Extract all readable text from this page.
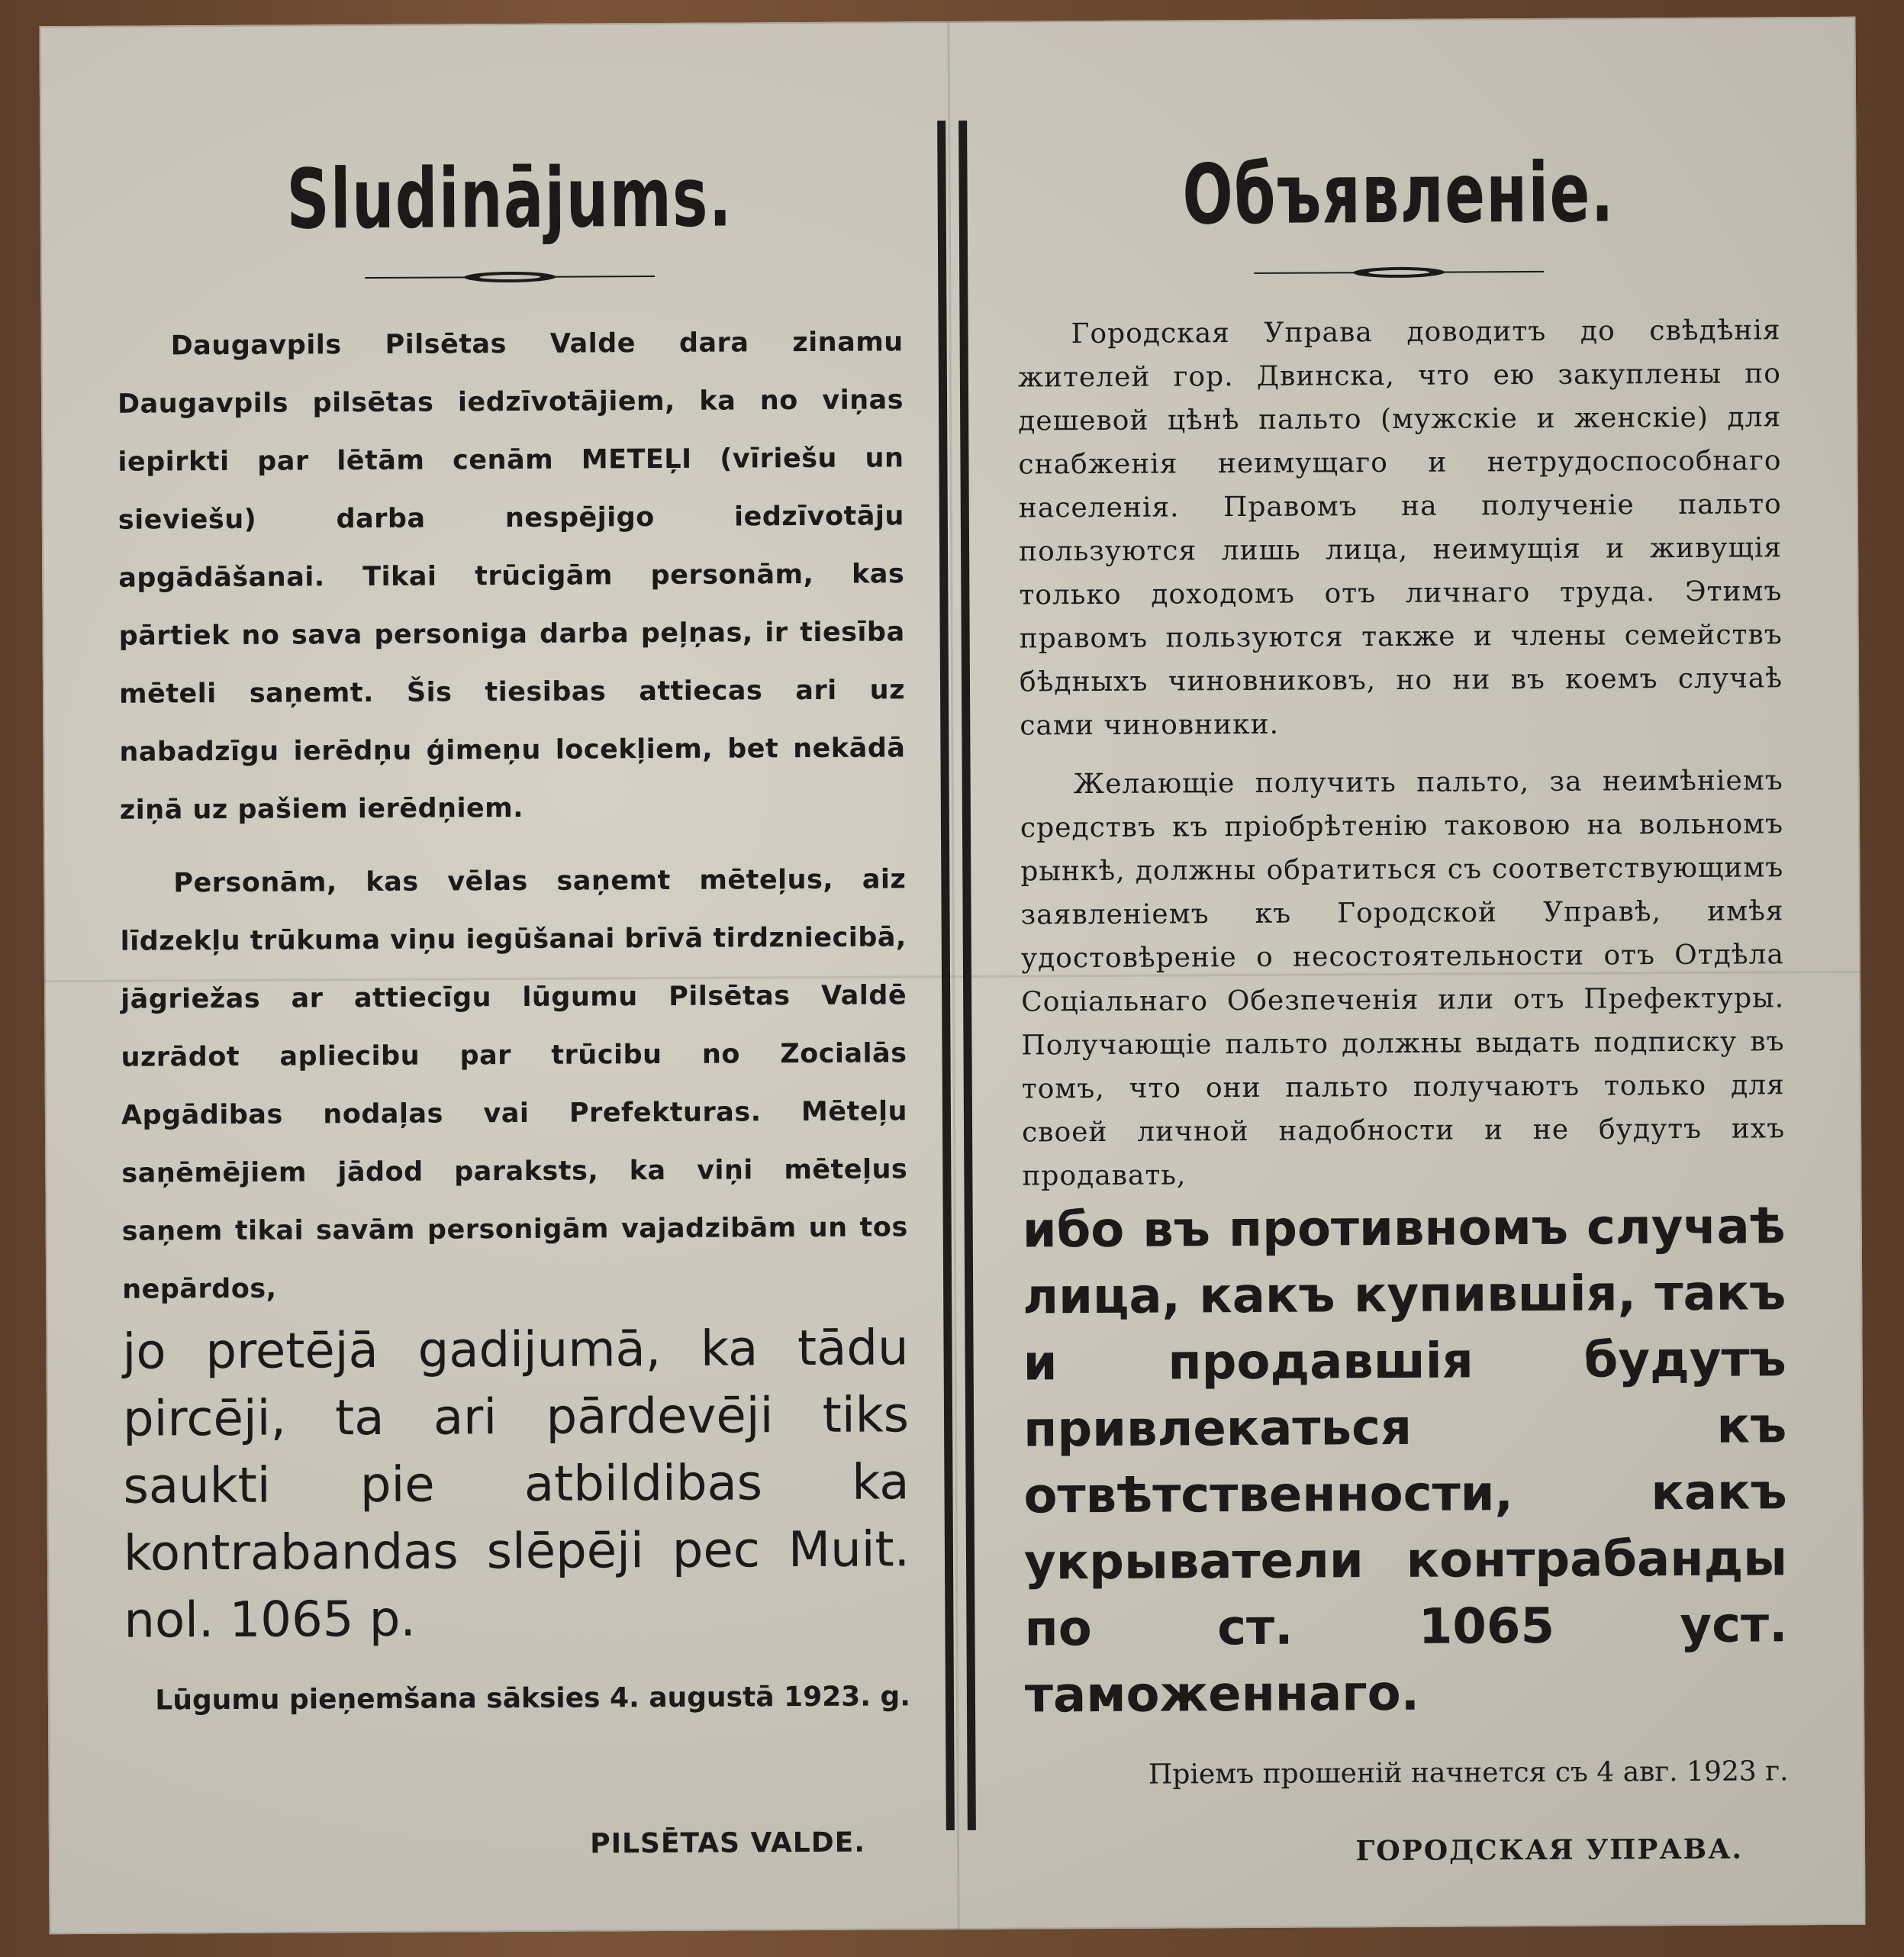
Sludinājums.

Daugavpils Pilsētas Valde dara zinamu Daugavpils pilsētas iedzīvotājiem, ka no viņas iepirkti par lētām cenām METEĻI (vīriešu un sieviešu) darba nespējigo iedzīvotāju apgādāšanai. Tikai trūcigām personām, kas pārtiek no sava personiga darba peļņas, ir tiesība mēteli saņemt. Šis tiesibas attiecas ari uz nabadzīgu ierēdņu ģimeņu locekļiem, bet nekādā ziņā uz pašiem ierēdņiem.

Personām, kas vēlas saņemt mēteļus, aiz līdzekļu trūkuma viņu iegūšanai brīvā tirdzniecibā, jāgriežas ar attiecīgu lūgumu Pilsētas Valdē uzrādot apliecibu par trūcibu no Zocialās Apgādibas nodaļas vai Prefekturas. Mēteļu saņēmējiem jādod paraksts, ka viņi mēteļus saņem tikai savām personigām vajadzibām un tos nepārdos,

jo pretējā gadijumā, ka tādu pircēji, ta ari pārdevēji tiks saukti pie atbildibas ka kontrabandas slēpēji pec Muit. nol. 1065 p.

Lūgumu pieņemšana sāksies 4. augustā 1923. g.

PILSĒTAS VALDE.
Объявленіе.

Городская Управа доводитъ до свѣдѣнія жителей гор. Двинска, что ею закуплены по дешевой цѣнѣ пальто (мужскіе и женскіе) для снабженія неимущаго и нетрудоспособнаго населенія. Правомъ на полученіе пальто пользуются лишь лица, неимущія и живущія только доходомъ отъ личнаго труда. Этимъ правомъ пользуются также и члены семействъ бѣдныхъ чиновниковъ, но ни въ коемъ случаѣ сами чиновники.

Желающіе получить пальто, за неимѣніемъ средствъ къ пріобрѣтенію таковою на вольномъ рынкѣ, должны обратиться съ соответствующимъ заявленіемъ къ Городской Управѣ, имѣя удостовѣреніе о несостоятельности отъ Отдѣла Соціальнаго Обезпеченія или отъ Префектуры. Получающіе пальто должны выдать подписку въ томъ, что они пальто получаютъ только для своей личной надобности и не будутъ ихъ продавать,

ибо въ противномъ случаѣ лица, какъ купившія, такъ и продавшія будутъ привлекаться къ отвѣтственности, какъ укрыватели контрабанды по ст. 1065 уст. таможеннаго.

Пріемъ прошеній начнется съ 4 авг. 1923 г.

ГОРОДСКАЯ УПРАВА.
